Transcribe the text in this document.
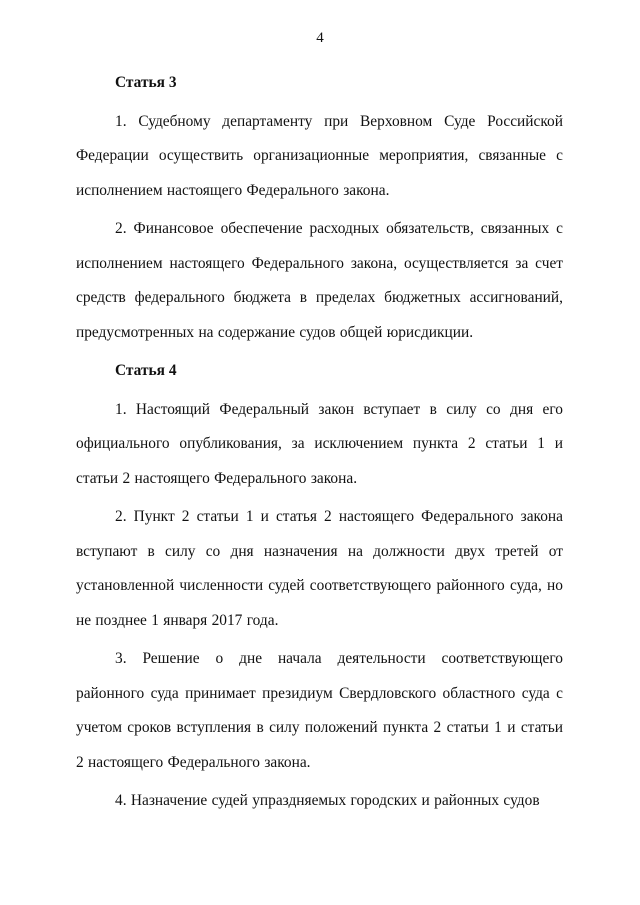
4

Статья 3

1. Судебному департаменту при Верховном Суде Российской Федерации осуществить организационные мероприятия, связанные с исполнением настоящего Федерального закона.

2. Финансовое обеспечение расходных обязательств, связанных с исполнением настоящего Федерального закона, осуществляется за счет средств федерального бюджета в пределах бюджетных ассигнований, предусмотренных на содержание судов общей юрисдикции.

Статья 4

1. Настоящий Федеральный закон вступает в силу со дня его официального опубликования, за исключением пункта 2 статьи 1 и статьи 2 настоящего Федерального закона.

2. Пункт 2 статьи 1 и статья 2 настоящего Федерального закона вступают в силу со дня назначения на должности двух третей от установленной численности судей соответствующего районного суда, но не позднее 1 января 2017 года.

3. Решение о дне начала деятельности соответствующего районного суда принимает президиум Свердловского областного суда с учетом сроков вступления в силу положений пункта 2 статьи 1 и статьи 2 настоящего Федерального закона.

4. Назначение судей упраздняемых городских и районных судов
